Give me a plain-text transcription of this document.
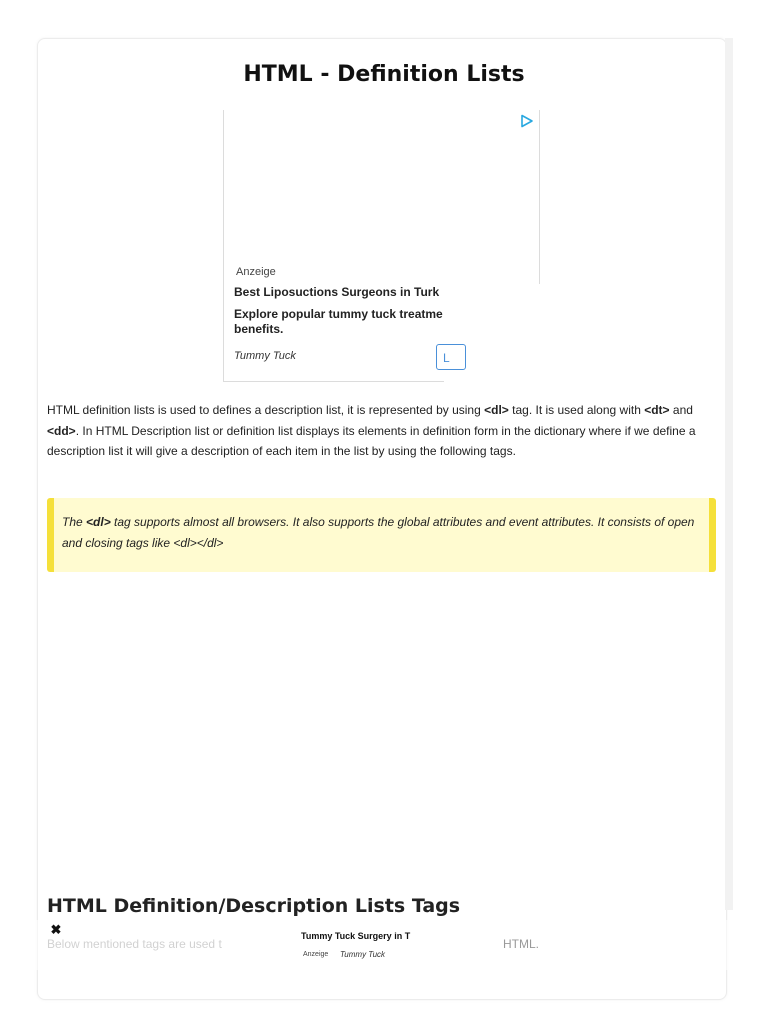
HTML - Definition Lists
Anzeige
Best Liposuctions Surgeons in Turk
Explore popular tummy tuck treatme benefits.
Tummy Tuck	L

HTML definition lists is used to defines a description list, it is represented by using <dl> tag. It is used along with <dt> and <dd>. In HTML Description list or definition list displays its elements in definition form in the dictionary where if we define a description list it will give a description of each item in the list by using the following tags.

The <dl> tag supports almost all browsers. It also supports the global attributes and event attributes. It consists of open and closing tags like <dl></dl>
HTML Definition/Description Lists Tags
✖	Tummy Tuck Surgery in T
Anzeige Tummy Tuck
HTML.
